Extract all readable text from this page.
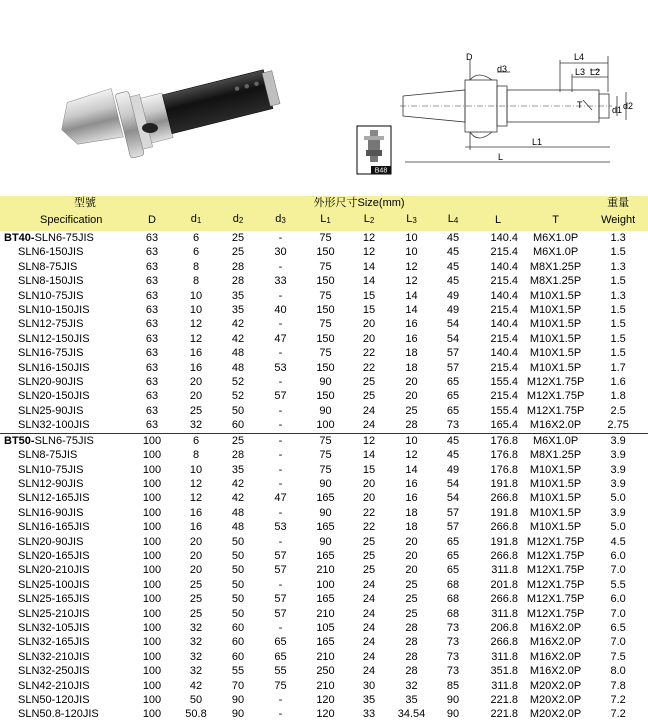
B48
D
d3
L4
L3 L2
L1
L
T	d1 d2
型號	外形尺寸Size(mm)										重量
Specification	D	$d_1$	$d_2$	$d_3$	$L_1$	$L_2$	$L_3$	$L_4$	L	T	Weight
BT40-SLN6-75JIS	63	6	25	-	75	12	10	45	140.4	M6X1.0P	1.3
SLN6-150JIS	63	6	25	30	150	12	10	45	215.4	M6X1.0P	1.5
SLN8-75JIS	63	8	28	-	75	14	12	45	140.4	M8X1.25P	1.3
SLN8-150JIS	63	8	28	33	150	14	12	45	215.4	M8X1.25P	1.5
SLN10-75JIS	63	10	35	-	75	15	14	49	140.4	M10X1.5P	1.3
SLN10-150JIS	63	10	35	40	150	15	14	49	215.4	M10X1.5P	1.5
SLN12-75JIS	63	12	42	-	75	20	16	54	140.4	M10X1.5P	1.5
SLN12-150JIS	63	12	42	47	150	20	16	54	215.4	M10X1.5P	1.5
SLN16-75JIS	63	16	48	-	75	22	18	57	140.4	M10X1.5P	1.5
SLN16-150JIS	63	16	48	53	150	22	18	57	215.4	M10X1.5P	1.7
SLN20-90JIS	63	20	52	-	90	25	20	65	155.4	M12X1.75P	1.6
SLN20-150JIS	63	20	52	57	150	25	20	65	215.4	M12X1.75P	1.8
SLN25-90JIS	63	25	50	-	90	24	25	65	155.4	M12X1.75P	2.5
SLN32-100JIS	63	32	60	-	100	24	28	73	165.4	M16X2.0P	2.75
BT50-SLN6-75JIS	100	6	25	-	75	12	10	45	176.8	M6X1.0P	3.9
SLN8-75JIS	100	8	28	-	75	14	12	45	176.8	M8X1.25P	3.9
SLN10-75JIS	100	10	35	-	75	15	14	49	176.8	M10X1.5P	3.9
SLN12-90JIS	100	12	42	-	90	20	16	54	191.8	M10X1.5P	3.9
SLN12-165JIS	100	12	42	47	165	20	16	54	266.8	M10X1.5P	5.0
SLN16-90JIS	100	16	48	-	90	22	18	57	191.8	M10X1.5P	3.9
SLN16-165JIS	100	16	48	53	165	22	18	57	266.8	M10X1.5P	5.0
SLN20-90JIS	100	20	50	-	90	25	20	65	191.8	M12X1.75P	4.5
SLN20-165JIS	100	20	50	57	165	25	20	65	266.8	M12X1.75P	6.0
SLN20-210JIS	100	20	50	57	210	25	20	65	311.8	M12X1.75P	7.0
SLN25-100JIS	100	25	50	-	100	24	25	68	201.8	M12X1.75P	5.5
SLN25-165JIS	100	25	50	57	165	24	25	68	266.8	M12X1.75P	6.0
SLN25-210JIS	100	25	50	57	210	24	25	68	311.8	M12X1.75P	7.0
SLN32-105JIS	100	32	60	-	105	24	28	73	206.8	M16X2.0P	6.5
SLN32-165JIS	100	32	60	65	165	24	28	73	266.8	M16X2.0P	7.0
SLN32-210JIS	100	32	60	65	210	24	28	73	311.8	M16X2.0P	7.5
SLN32-250JIS	100	32	55	55	250	24	28	73	351.8	M16X2.0P	8.0
SLN42-210JIS	100	42	70	75	210	30	32	85	311.8	M20X2.0P	7.8
SLN50-120JIS	100	50	90	-	120	35	35	90	221.8	M20X2.0P	7.2
SLN50.8-120JIS	100	50.8	90	-	120	33	34.54	90	221.8	M20X2.0P	7.2
